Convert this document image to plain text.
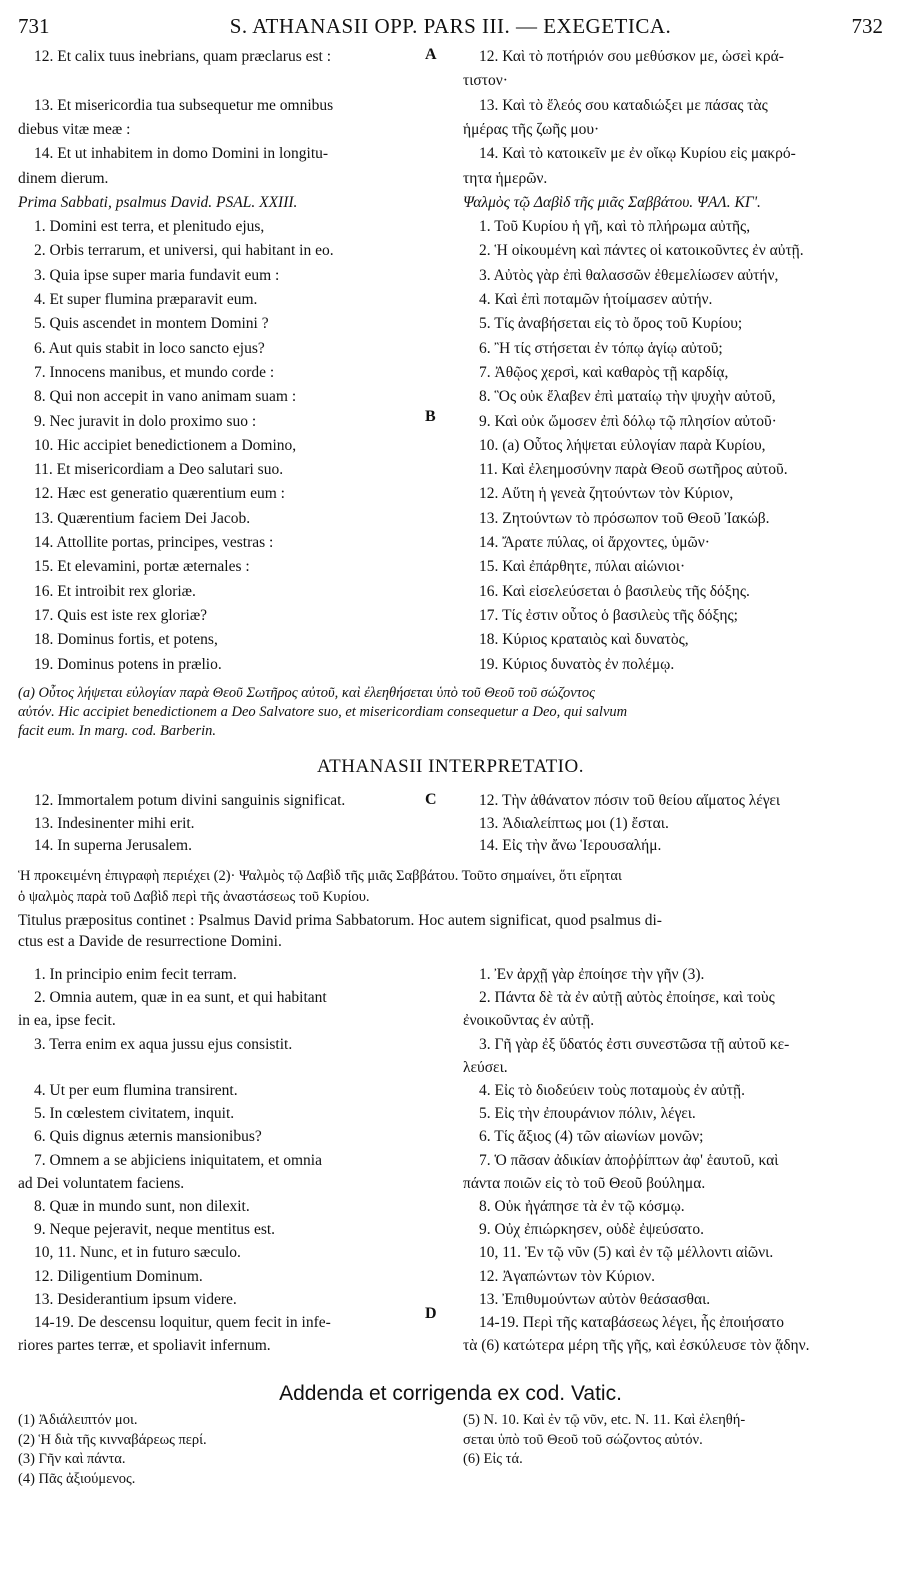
731	S. ATHANASII OPP. PARS III. — EXEGETICA.	732
A
B
C
D
12. Et calix tuus inebrians, quam præclarus est :	12. Καὶ τὸ ποτήριόν σου μεθύσκον με, ὡσεὶ κρά-
τιστον·
13. Et misericordia tua subsequetur me omnibus	13. Καὶ τὸ ἔλεός σου καταδιώξει με πάσας τὰς
diebus vitæ meæ :	ἡμέρας τῆς ζωῆς μου·
14. Et ut inhabitem in domo Domini in longitu-	14. Καὶ τὸ κατοικεῖν με ἐν οἴκῳ Κυρίου εἰς μακρό-
dinem dierum.	τητα ἡμερῶν.
Prima Sabbati, psalmus David. PSAL. XXIII.	Ψαλμὸς τῷ Δαβὶδ τῆς μιᾶς Σαββάτου. ΨΑΛ. ΚΓ'.
1. Domini est terra, et plenitudo ejus,	1. Τοῦ Κυρίου ἡ γῆ, καὶ τὸ πλήρωμα αὐτῆς,
2. Orbis terrarum, et universi, qui habitant in eo.	2. Ἡ οἰκουμένη καὶ πάντες οἱ κατοικοῦντες ἐν αὐτῇ.
3. Quia ipse super maria fundavit eum :	3. Αὐτὸς γὰρ ἐπὶ θαλασσῶν ἐθεμελίωσεν αὐτήν,
4. Et super flumina præparavit eum.	4. Καὶ ἐπὶ ποταμῶν ἡτοίμασεν αὐτήν.
5. Quis ascendet in montem Domini ?	5. Τίς ἀναβήσεται εἰς τὸ ὄρος τοῦ Κυρίου;
6. Aut quis stabit in loco sancto ejus?	6. Ἢ τίς στήσεται ἐν τόπῳ ἁγίῳ αὐτοῦ;
7. Innocens manibus, et mundo corde :	7. Ἀθῷος χερσὶ, καὶ καθαρὸς τῇ καρδίᾳ,
8. Qui non accepit in vano animam suam :	8. Ὃς οὐκ ἔλαβεν ἐπὶ ματαίῳ τὴν ψυχὴν αὐτοῦ,
9. Nec juravit in dolo proximo suo :	9. Καὶ οὐκ ὤμοσεν ἐπὶ δόλῳ τῷ πλησίον αὐτοῦ·
10. Hic accipiet benedictionem a Domino,	10. (a) Οὗτος λήψεται εὐλογίαν παρὰ Κυρίου,
11. Et misericordiam a Deo salutari suo.	11. Καὶ ἐλεημοσύνην παρὰ Θεοῦ σωτῆρος αὐτοῦ.
12. Hæc est generatio quærentium eum :	12. Αὕτη ἡ γενεὰ ζητούντων τὸν Κύριον,
13. Quærentium faciem Dei Jacob.	13. Ζητούντων τὸ πρόσωπον τοῦ Θεοῦ Ἰακώβ.
14. Attollite portas, principes, vestras :	14. Ἄρατε πύλας, οἱ ἄρχοντες, ὑμῶν·
15. Et elevamini, portæ æternales :	15. Καὶ ἐπάρθητε, πύλαι αἰώνιοι·
16. Et introibit rex gloriæ.	16. Καὶ εἰσελεύσεται ὁ βασιλεὺς τῆς δόξης.
17. Quis est iste rex gloriæ?	17. Τίς ἐστιν οὗτος ὁ βασιλεὺς τῆς δόξης;
18. Dominus fortis, et potens,	18. Κύριος κραταιὸς καὶ δυνατὸς,
19. Dominus potens in prælio.	19. Κύριος δυνατὸς ἐν πολέμῳ.
(a) Οὗτος λήψεται εὐλογίαν παρὰ Θεοῦ Σωτῆρος αὐτοῦ, καὶ ἐλεηθήσεται ὑπὸ τοῦ Θεοῦ τοῦ σώζοντος
αὐτόν. Hic accipiet benedictionem a Deo Salvatore suo, et misericordiam consequetur a Deo, qui salvum
facit eum. In marg. cod. Barberin.
ATHANASII INTERPRETATIO.
12. Immortalem potum divini sanguinis significat.	12. Τὴν ἀθάνατον πόσιν τοῦ θείου αἵματος λέγει
13. Indesinenter mihi erit.	13. Ἀδιαλείπτως μοι (1) ἔσται.
14. In superna Jerusalem.	14. Εἰς τὴν ἄνω Ἱερουσαλήμ.
Ἡ προκειμένη ἐπιγραφὴ περιέχει (2)· Ψαλμὸς τῷ Δαβὶδ τῆς μιᾶς Σαββάτου. Τοῦτο σημαίνει, ὅτι εἴρηται
ὁ ψαλμὸς παρὰ τοῦ Δαβὶδ περὶ τῆς ἀναστάσεως τοῦ Κυρίου.
Titulus præpositus continet : Psalmus David prima Sabbatorum. Hoc autem significat, quod psalmus di-
ctus est a Davide de resurrectione Domini.
1. In principio enim fecit terram.	1. Ἐν ἀρχῇ γὰρ ἐποίησε τὴν γῆν (3).
2. Omnia autem, quæ in ea sunt, et qui habitant	2. Πάντα δὲ τὰ ἐν αὐτῇ αὐτὸς ἐποίησε, καὶ τοὺς
in ea, ipse fecit.	ἐνοικοῦντας ἐν αὐτῇ.
3. Terra enim ex aqua jussu ejus consistit.	3. Γῆ γὰρ ἐξ ὕδατός ἐστι συνεστῶσα τῇ αὐτοῦ κε-
λεύσει.
4. Ut per eum flumina transirent.	4. Εἰς τὸ διοδεύειν τοὺς ποταμοὺς ἐν αὐτῇ.
5. In cœlestem civitatem, inquit.	5. Εἰς τὴν ἐπουράνιον πόλιν, λέγει.
6. Quis dignus æternis mansionibus?	6. Τίς ἄξιος (4) τῶν αἰωνίων μονῶν;
7. Omnem a se abjiciens iniquitatem, et omnia	7. Ὁ πᾶσαν ἀδικίαν ἀποῤῥίπτων ἀφ' ἑαυτοῦ, καὶ
ad Dei voluntatem faciens.	πάντα ποιῶν εἰς τὸ τοῦ Θεοῦ βούλημα.
8. Quæ in mundo sunt, non dilexit.	8. Οὐκ ἠγάπησε τὰ ἐν τῷ κόσμῳ.
9. Neque pejeravit, neque mentitus est.	9. Οὐχ ἐπιώρκησεν, οὐδὲ ἐψεύσατο.
10, 11. Nunc, et in futuro sæculo.	10, 11. Ἐν τῷ νῦν (5) καὶ ἐν τῷ μέλλοντι αἰῶνι.
12. Diligentium Dominum.	12. Ἀγαπώντων τὸν Κύριον.
13. Desiderantium ipsum videre.	13. Ἐπιθυμούντων αὐτὸν θεάσασθαι.
14-19. De descensu loquitur, quem fecit in infe-	14-19. Περὶ τῆς καταβάσεως λέγει, ἧς ἐποιήσατο
riores partes terræ, et spoliavit infernum.	τὰ (6) κατώτερα μέρη τῆς γῆς, καὶ ἐσκύλευσε τὸν ᾅδην.
Addenda et corrigenda ex cod. Vatic.
(1) Ἀδιάλειπτόν μοι.
(2) Ἡ διὰ τῆς κινναβάρεως περί.
(3) Γῆν καὶ πάντα.
(4) Πᾶς ἀξιούμενος.
(5) N. 10. Καὶ ἐν τῷ νῦν, etc. N. 11. Καὶ ἐλεηθή-
σεται ὑπὸ τοῦ Θεοῦ τοῦ σώζοντος αὐτόν.
(6) Εἰς τά.
